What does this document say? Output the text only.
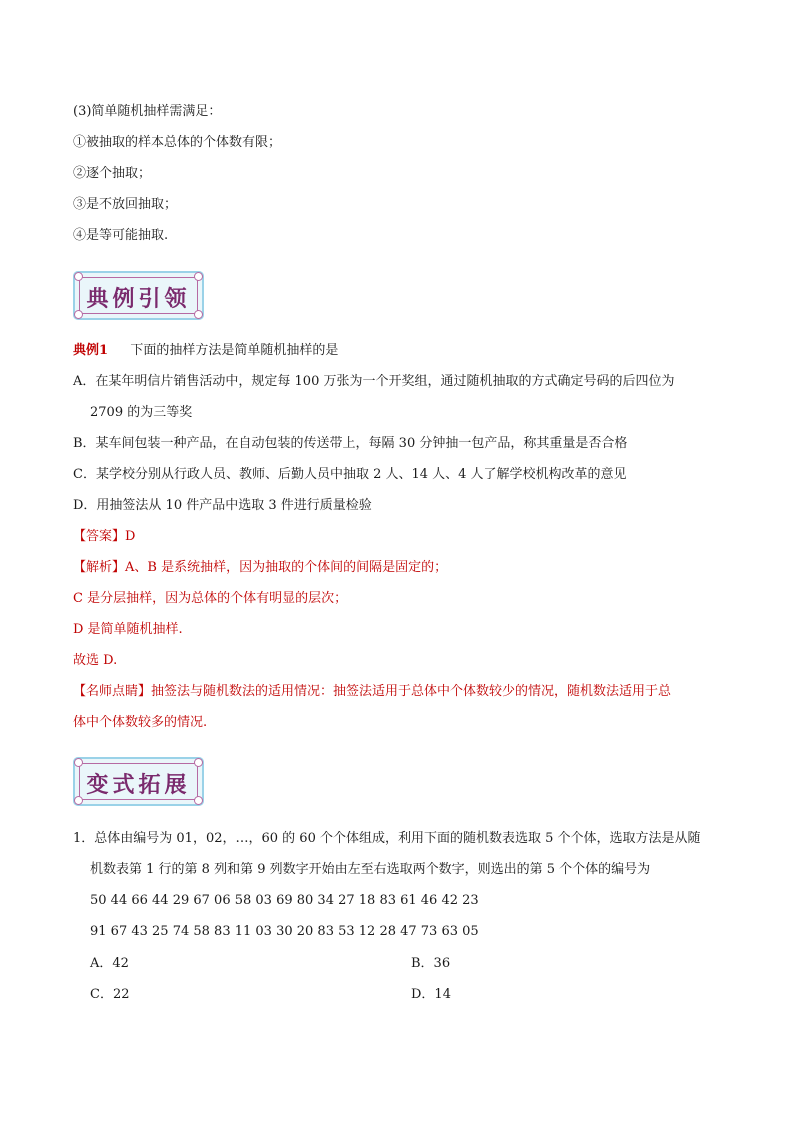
(3)简单随机抽样需满足：
①被抽取的样本总体的个体数有限；
②逐个抽取；
③是不放回抽取；
④是等可能抽取.
典例引领
典例1 下面的抽样方法是简单随机抽样的是
A．在某年明信片销售活动中，规定每 100 万张为一个开奖组，通过随机抽取的方式确定号码的后四位为
2709 的为三等奖
B．某车间包装一种产品，在自动包装的传送带上，每隔 30 分钟抽一包产品，称其重量是否合格
C．某学校分别从行政人员、教师、后勤人员中抽取 2 人、14 人、4 人了解学校机构改革的意见
D．用抽签法从 10 件产品中选取 3 件进行质量检验
【答案】D
【解析】A、B 是系统抽样，因为抽取的个体间的间隔是固定的；
C 是分层抽样，因为总体的个体有明显的层次；
D 是简单随机抽样.
故选 D.
【名师点睛】抽签法与随机数法的适用情况：抽签法适用于总体中个体数较少的情况，随机数法适用于总
体中个体数较多的情况.
变式拓展
1．总体由编号为 01，02，…，60 的 60 个个体组成，利用下面的随机数表选取 5 个个体，选取方法是从随
机数表第 1 行的第 8 列和第 9 列数字开始由左至右选取两个数字，则选出的第 5 个个体的编号为
50 44 66 44 29 67 06 58 03 69 80 34 27 18 83 61 46 42 23
91 67 43 25 74 58 83 11 03 30 20 83 53 12 28 47 73 63 05
A．42	B．36
C．22	D．14
